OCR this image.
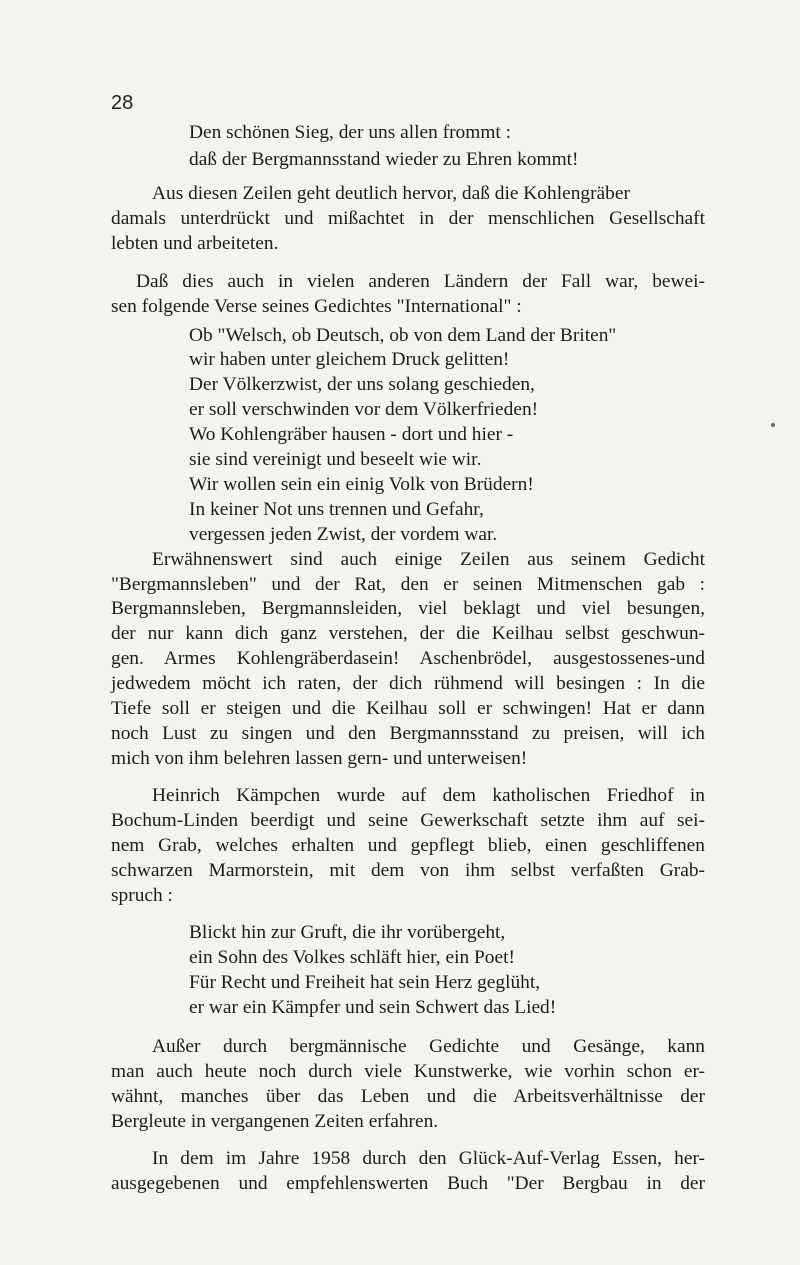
28
Den schönen Sieg, der uns allen frommt :
daß der Bergmannsstand wieder zu Ehren kommt!
Aus diesen Zeilen geht deutlich hervor, daß die Kohlengräber
damals unterdrückt und mißachtet in der menschlichen Gesellschaft
lebten und arbeiteten.
Daß dies auch in vielen anderen Ländern der Fall war, bewei-
sen folgende Verse seines Gedichtes "International" :
Ob "Welsch, ob Deutsch, ob von dem Land der Briten"
wir haben unter gleichem Druck gelitten!
Der Völkerzwist, der uns solang geschieden,
er soll verschwinden vor dem Völkerfrieden!
Wo Kohlengräber hausen - dort und hier -
sie sind vereinigt und beseelt wie wir.
Wir wollen sein ein einig Volk von Brüdern!
In keiner Not uns trennen und Gefahr,
vergessen jeden Zwist, der vordem war.
Erwähnenswert sind auch einige Zeilen aus seinem Gedicht
"Bergmannsleben" und der Rat, den er seinen Mitmenschen gab :
Bergmannsleben, Bergmannsleiden, viel beklagt und viel besungen,
der nur kann dich ganz verstehen, der die Keilhau selbst geschwun-
gen. Armes Kohlengräberdasein! Aschenbrödel, ausgestossenes-und
jedwedem möcht ich raten, der dich rühmend will besingen : In die
Tiefe soll er steigen und die Keilhau soll er schwingen! Hat er dann
noch Lust zu singen und den Bergmannsstand zu preisen, will ich
mich von ihm belehren lassen gern- und unterweisen!
Heinrich Kämpchen wurde auf dem katholischen Friedhof in
Bochum-Linden beerdigt und seine Gewerkschaft setzte ihm auf sei-
nem Grab, welches erhalten und gepflegt blieb, einen geschliffenen
schwarzen Marmorstein, mit dem von ihm selbst verfaßten Grab-
spruch :
Blickt hin zur Gruft, die ihr vorübergeht,
ein Sohn des Volkes schläft hier, ein Poet!
Für Recht und Freiheit hat sein Herz geglüht,
er war ein Kämpfer und sein Schwert das Lied!
Außer durch bergmännische Gedichte und Gesänge, kann
man auch heute noch durch viele Kunstwerke, wie vorhin schon er-
wähnt, manches über das Leben und die Arbeitsverhältnisse der
Bergleute in vergangenen Zeiten erfahren.
In dem im Jahre 1958 durch den Glück-Auf-Verlag Essen, her-
ausgegebenen und empfehlenswerten Buch "Der Bergbau in der
